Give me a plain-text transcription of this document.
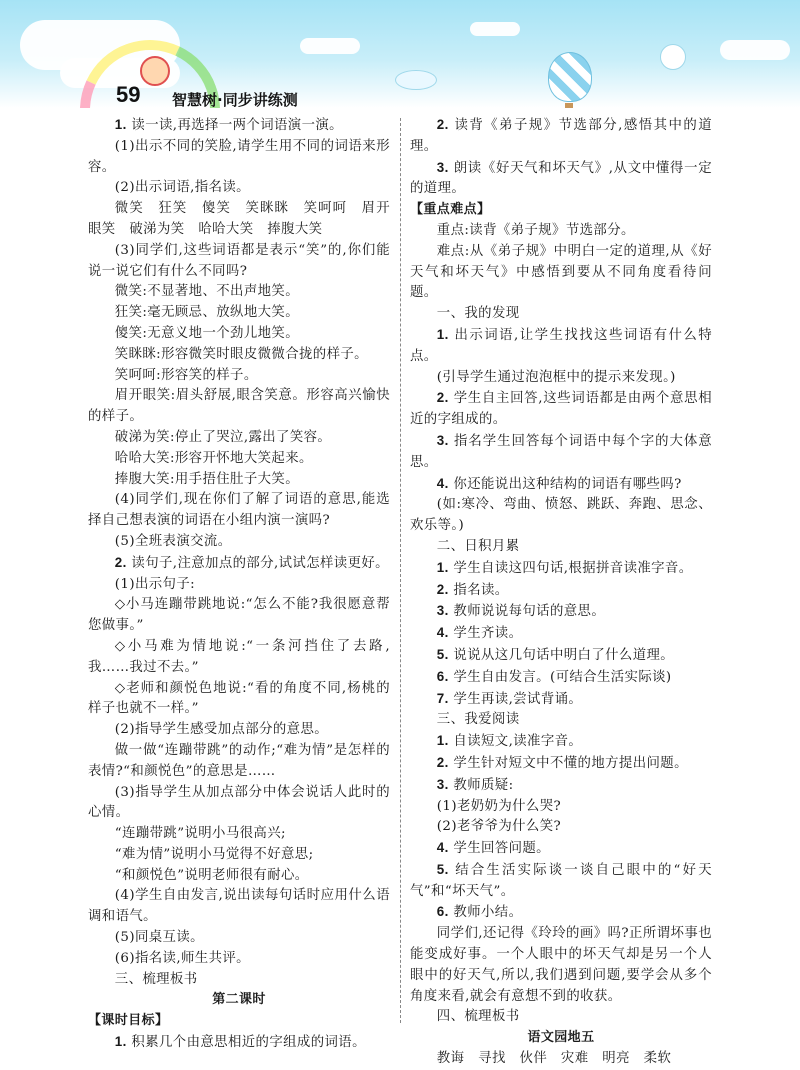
59 智慧树·同步讲练测

1. 读一读,再选择一两个词语演一演。

(1)出示不同的笑脸,请学生用不同的词语来形容。

(2)出示词语,指名读。

微笑　狂笑　傻笑　笑眯眯　笑呵呵　眉开眼笑　破涕为笑　哈哈大笑　捧腹大笑

(3)同学们,这些词语都是表示“笑”的,你们能说一说它们有什么不同吗?

微笑:不显著地、不出声地笑。

狂笑:毫无顾忌、放纵地大笑。

傻笑:无意义地一个劲儿地笑。

笑眯眯:形容微笑时眼皮微微合拢的样子。

笑呵呵:形容笑的样子。

眉开眼笑:眉头舒展,眼含笑意。形容高兴愉快的样子。

破涕为笑:停止了哭泣,露出了笑容。

哈哈大笑:形容开怀地大笑起来。

捧腹大笑:用手捂住肚子大笑。

(4)同学们,现在你们了解了词语的意思,能选择自己想表演的词语在小组内演一演吗?

(5)全班表演交流。

2. 读句子,注意加点的部分,试试怎样读更好。

(1)出示句子:

◇小马连蹦带跳地说:“怎么不能?我很愿意帮您做事。”

◇小马难为情地说:“一条河挡住了去路,我……我过不去。”

◇老师和颜悦色地说:“看的角度不同,杨桃的样子也就不一样。”

(2)指导学生感受加点部分的意思。

做一做“连蹦带跳”的动作;“难为情”是怎样的表情?“和颜悦色”的意思是……

(3)指导学生从加点部分中体会说话人此时的心情。

“连蹦带跳”说明小马很高兴;

“难为情”说明小马觉得不好意思;

“和颜悦色”说明老师很有耐心。

(4)学生自由发言,说出读每句话时应用什么语调和语气。

(5)同桌互读。

(6)指名读,师生共评。

三、梳理板书

第二课时

【课时目标】

1. 积累几个由意思相近的字组成的词语。

2. 读背《弟子规》节选部分,感悟其中的道理。

3. 朗读《好天气和坏天气》,从文中懂得一定的道理。

【重点难点】

重点:读背《弟子规》节选部分。

难点:从《弟子规》中明白一定的道理,从《好天气和坏天气》中感悟到要从不同角度看待问题。

一、我的发现

1. 出示词语,让学生找找这些词语有什么特点。

(引导学生通过泡泡框中的提示来发现。)

2. 学生自主回答,这些词语都是由两个意思相近的字组成的。

3. 指名学生回答每个词语中每个字的大体意思。

4. 你还能说出这种结构的词语有哪些吗?

(如:寒冷、弯曲、愤怒、跳跃、奔跑、思念、欢乐等。)

二、日积月累

1. 学生自读这四句话,根据拼音读准字音。

2. 指名读。

3. 教师说说每句话的意思。

4. 学生齐读。

5. 说说从这几句话中明白了什么道理。

6. 学生自由发言。(可结合生活实际谈)

7. 学生再读,尝试背诵。

三、我爱阅读

1. 自读短文,读准字音。

2. 学生针对短文中不懂的地方提出问题。

3. 教师质疑:

(1)老奶奶为什么哭?

(2)老爷爷为什么笑?

4. 学生回答问题。

5. 结合生活实际谈一谈自己眼中的“好天气”和“坏天气”。

6. 教师小结。

同学们,还记得《玲玲的画》吗?正所谓坏事也能变成好事。一个人眼中的坏天气却是另一个人眼中的好天气,所以,我们遇到问题,要学会从多个角度来看,就会有意想不到的收获。

四、梳理板书

语文园地五

教诲　寻找　伙伴　灾难　明亮　柔软
